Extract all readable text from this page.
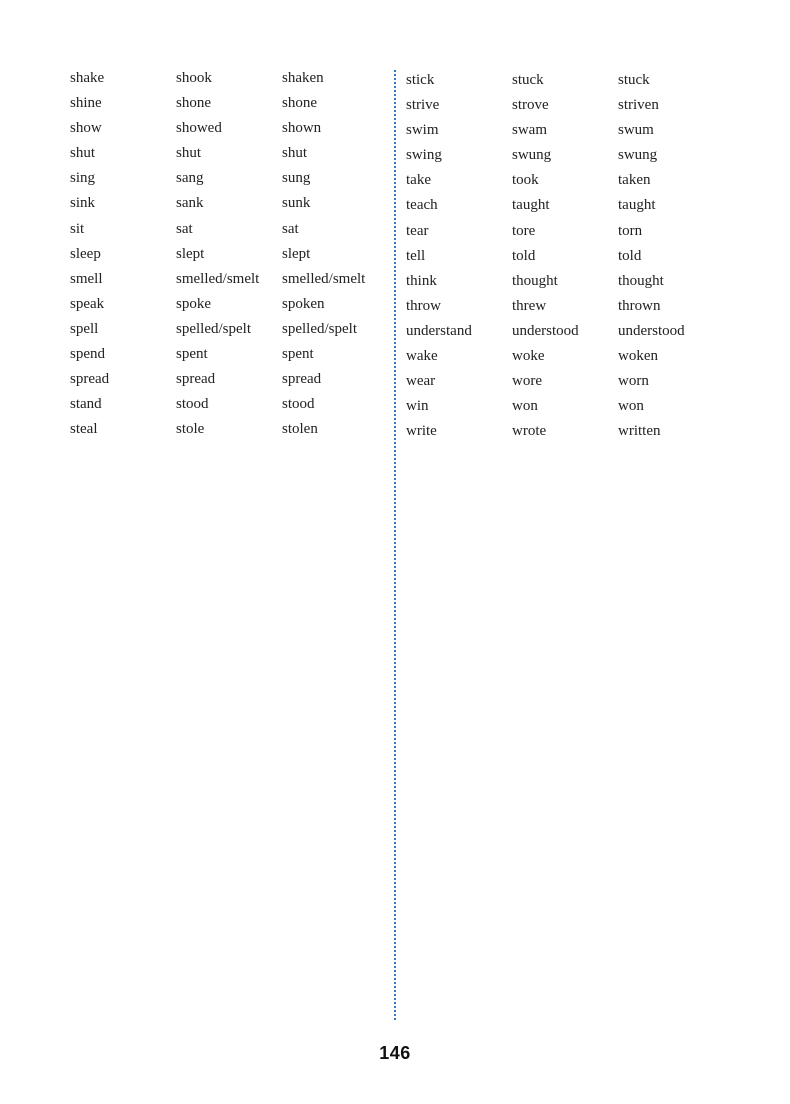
shake	shook	shaken
shine	shone	shone
show	showed	shown
shut	shut	shut
sing	sang	sung
sink	sank	sunk
sit	sat	sat
sleep	slept	slept
smell	smelled/smelt	smelled/smelt
speak	spoke	spoken
spell	spelled/spelt	spelled/spelt
spend	spent	spent
spread	spread	spread
stand	stood	stood
steal	stole	stolen
stick	stuck	stuck
strive	strove	striven
swim	swam	swum
swing	swung	swung
take	took	taken
teach	taught	taught
tear	tore	torn
tell	told	told
think	thought	thought
throw	threw	thrown
understand	understood	understood
wake	woke	woken
wear	wore	worn
win	won	won
write	wrote	written
146
